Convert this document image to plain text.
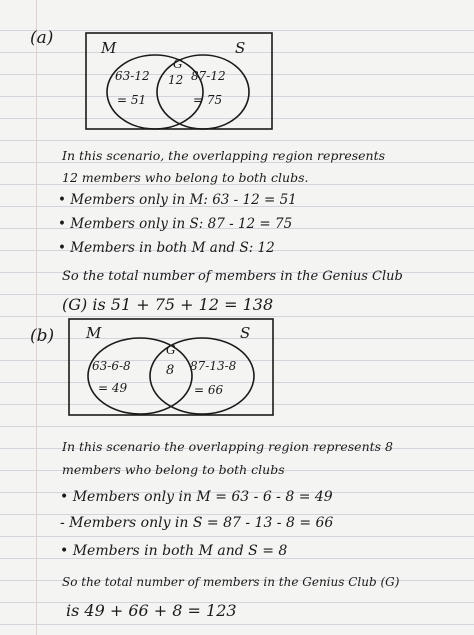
(a)	M	S
G
63-12
= 51
12 87-12
= 75
In this scenario, the overlapping region represents
12 members who belong to both clubs.
• Members only in M: 63 - 12 = 51
• Members only in S: 87 - 12 = 75
• Members in both M and S: 12
So the total number of members in the Genius Club
(G) is 51 + 75 + 12 = 138
(b) M	S
G
63-6-8
= 49
8 87-13-8
= 66
In this scenario the overlapping region represents 8
members who belong to both clubs
• Members only in M = 63 - 6 - 8 = 49
- Members only in S = 87 - 13 - 8 = 66
• Members in both M and S = 8
So the total number of members in the Genius Club (G)
is 49 + 66 + 8 = 123
